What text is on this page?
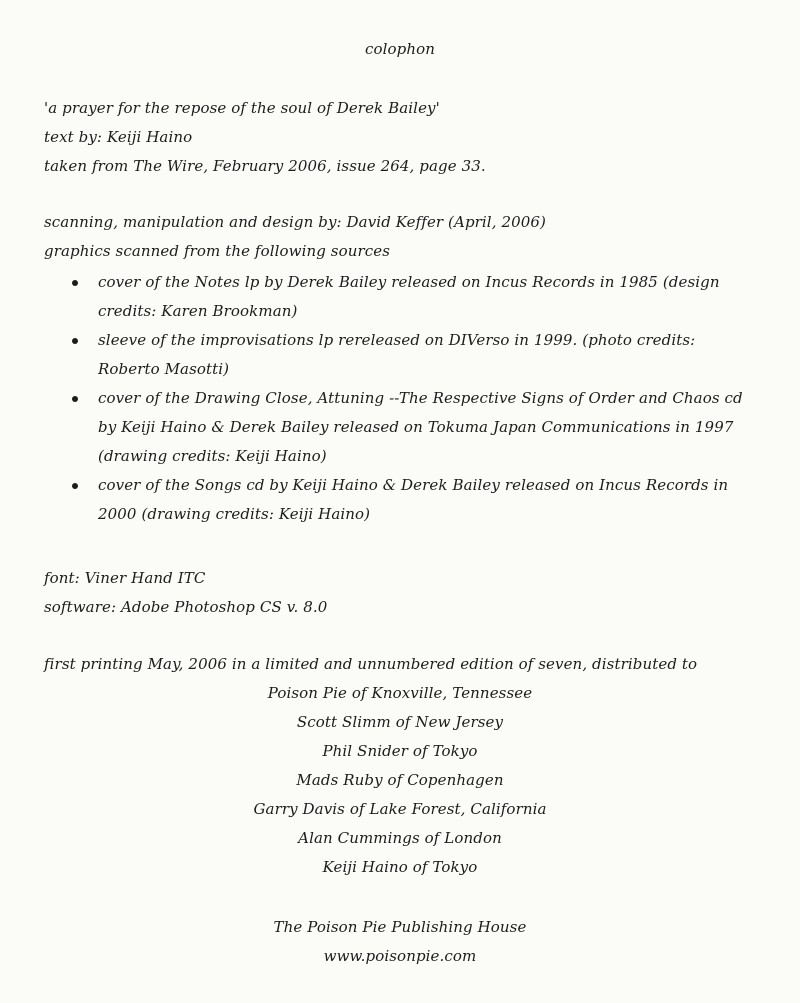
colophon
'a prayer for the repose of the soul of Derek Bailey'
text by: Keiji Haino
taken from The Wire, February 2006, issue 264, page 33.
scanning, manipulation and design by: David Keffer (April, 2006)
graphics scanned from the following sources
cover of the Notes lp by Derek Bailey released on Incus Records in 1985 (design credits: Karen Brookman)
sleeve of the improvisations lp rereleased on DIVerso in 1999. (photo credits: Roberto Masotti)
cover of the Drawing Close, Attuning --The Respective Signs of Order and Chaos cd by Keiji Haino & Derek Bailey released on Tokuma Japan Communications in 1997 (drawing credits: Keiji Haino)
cover of the Songs cd by Keiji Haino & Derek Bailey released on Incus Records in 2000 (drawing credits: Keiji Haino)
font: Viner Hand ITC
software: Adobe Photoshop CS v. 8.0
first printing May, 2006 in a limited and unnumbered edition of seven, distributed to
Poison Pie of Knoxville, Tennessee
Scott Slimm of New Jersey
Phil Snider of Tokyo
Mads Ruby of Copenhagen
Garry Davis of Lake Forest, California
Alan Cummings of London
Keiji Haino of Tokyo
The Poison Pie Publishing House
www.poisonpie.com
